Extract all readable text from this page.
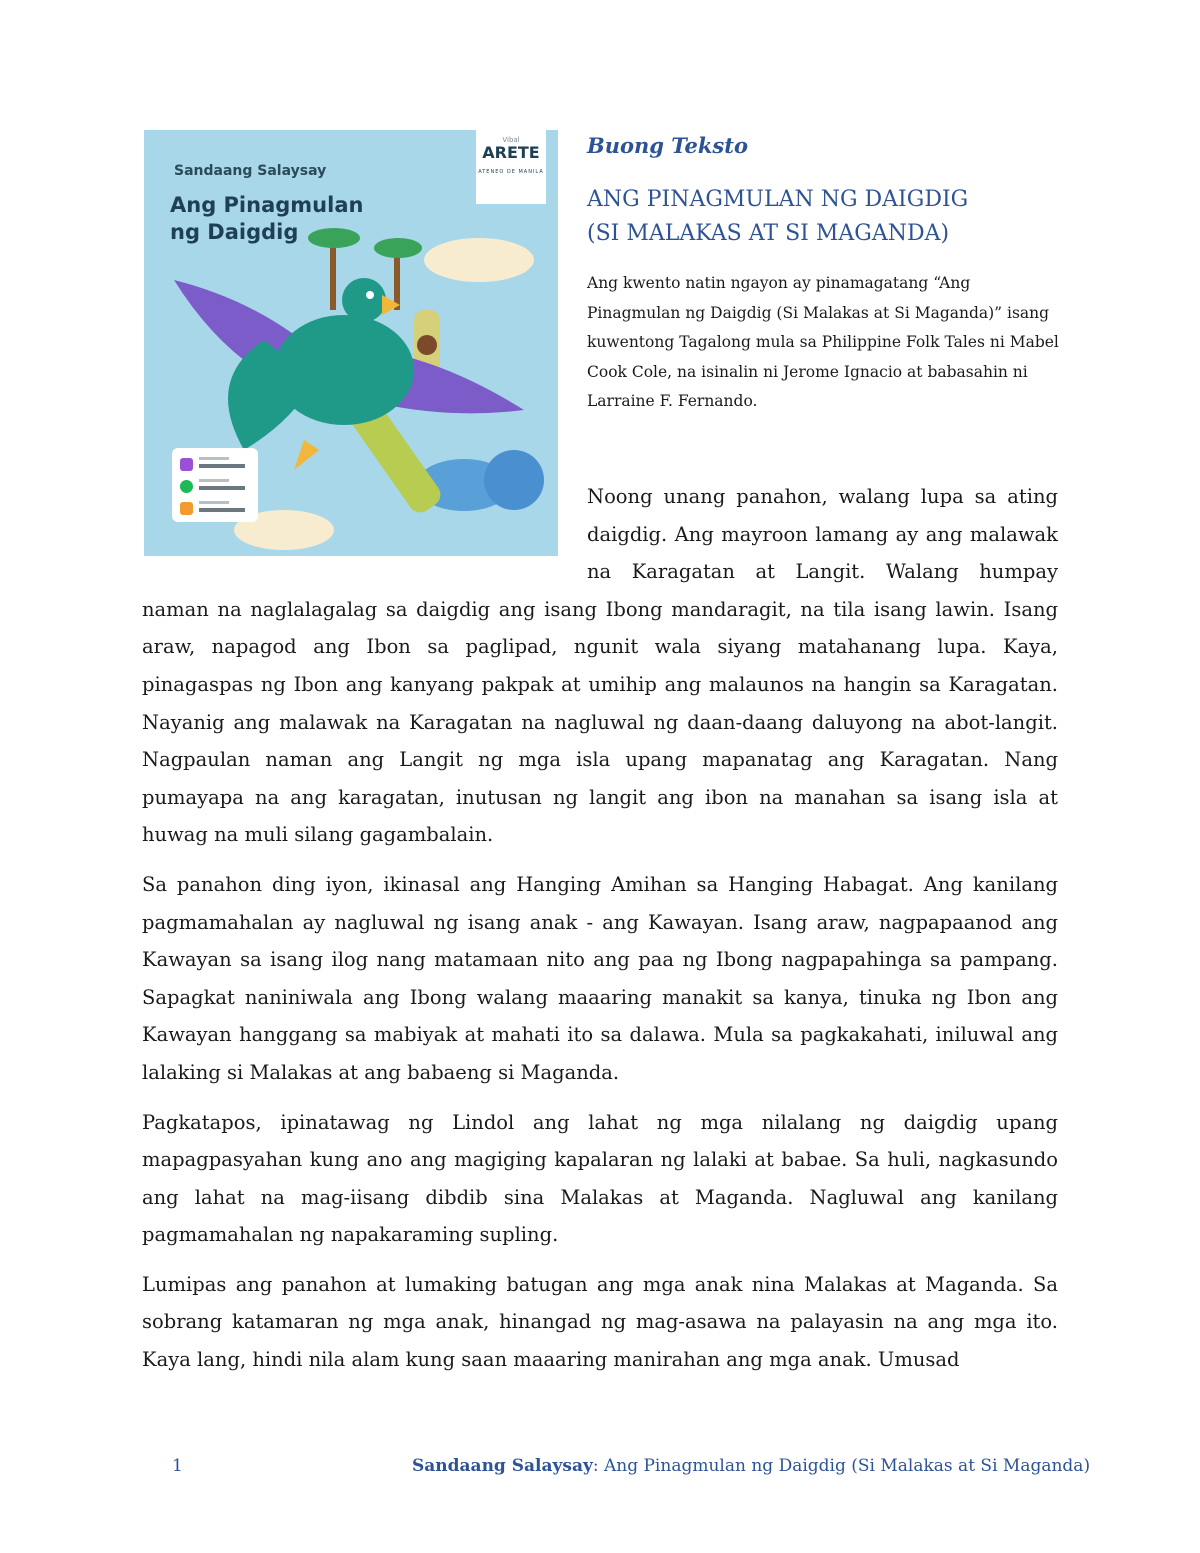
Sandaang Salaysay
Ang Pinagmulan ng Daigdig
Vibal
ARETE
ATENEO DE MANILA
Buong Teksto
ANG PINAGMULAN NG DAIGDIG
(SI MALAKAS AT SI MAGANDA)
Ang kwento natin ngayon ay pinamagatang “Ang Pinagmulan ng Daigdig (Si Malakas at Si Maganda)” isang kuwentong Tagalong mula sa Philippine Folk Tales ni Mabel Cook Cole, na isinalin ni Jerome Ignacio at babasahin ni Larraine F. Fernando.

Noong unang panahon, walang lupa sa ating daigdig. Ang mayroon lamang ay ang malawak na Karagatan at Langit. Walang humpay naman na naglalagalag sa daigdig ang isang Ibong mandaragit, na tila isang lawin. Isang araw, napagod ang Ibon sa paglipad, ngunit wala siyang matahanang lupa. Kaya, pinagaspas ng Ibon ang kanyang pakpak at umihip ang malaunos na hangin sa Karagatan. Nayanig ang malawak na Karagatan na nagluwal ng daan-daang daluyong na abot-langit. Nagpaulan naman ang Langit ng mga isla upang mapanatag ang Karagatan. Nang pumayapa na ang karagatan, inutusan ng langit ang ibon na manahan sa isang isla at huwag na muli silang gagambalain.

Sa panahon ding iyon, ikinasal ang Hanging Amihan sa Hanging Habagat. Ang kanilang pagmamahalan ay nagluwal ng isang anak - ang Kawayan. Isang araw, nagpapaanod ang Kawayan sa isang ilog nang matamaan nito ang paa ng Ibong nagpapahinga sa pampang. Sapagkat naniniwala ang Ibong walang maaaring manakit sa kanya, tinuka ng Ibon ang Kawayan hanggang sa mabiyak at mahati ito sa dalawa. Mula sa pagkakahati, iniluwal ang lalaking si Malakas at ang babaeng si Maganda.

Pagkatapos, ipinatawag ng Lindol ang lahat ng mga nilalang ng daigdig upang mapagpasyahan kung ano ang magiging kapalaran ng lalaki at babae. Sa huli, nagkasundo ang lahat na mag-iisang dibdib sina Malakas at Maganda. Nagluwal ang kanilang pagmamahalan ng napakaraming supling.

Lumipas ang panahon at lumaking batugan ang mga anak nina Malakas at Maganda. Sa sobrang katamaran ng mga anak, hinangad ng mag-asawa na palayasin na ang mga ito. Kaya lang, hindi nila alam kung saan maaaring manirahan ang mga anak. Umusad

1	Sandaang Salaysay: Ang Pinagmulan ng Daigdig (Si Malakas at Si Maganda)
